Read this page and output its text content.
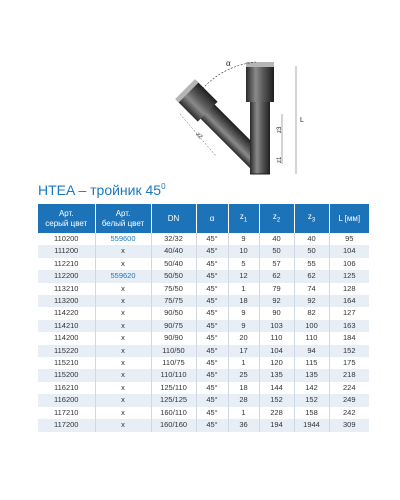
α
z2
z3
z1
L
HTEA – тройник $45^0$
Арт.
серый цвет	Арт.
белый цвет	DN	α	$z_1$	$z_2$	$z_3$	L [мм]
110200	559600	32/32	45°	9	40	40	95
111200	x	40/40	45°	10	50	50	104
112210	x	50/40	45°	5	57	55	106
112200	559620	50/50	45°	12	62	62	125
113210	x	75/50	45°	1	79	74	128
113200	x	75/75	45°	18	92	92	164
114220	x	90/50	45°	9	90	82	127
114210	x	90/75	45°	9	103	100	163
114200	x	90/90	45°	20	110	110	184
115220	x	110/50	45°	17	104	94	152
115210	x	110/75	45°	1	120	115	175
115200	x	110/110	45°	25	135	135	218
116210	x	125/110	45°	18	144	142	224
116200	x	125/125	45°	28	152	152	249
117210	x	160/110	45°	1	228	158	242
117200	x	160/160	45°	36	194	1944	309
